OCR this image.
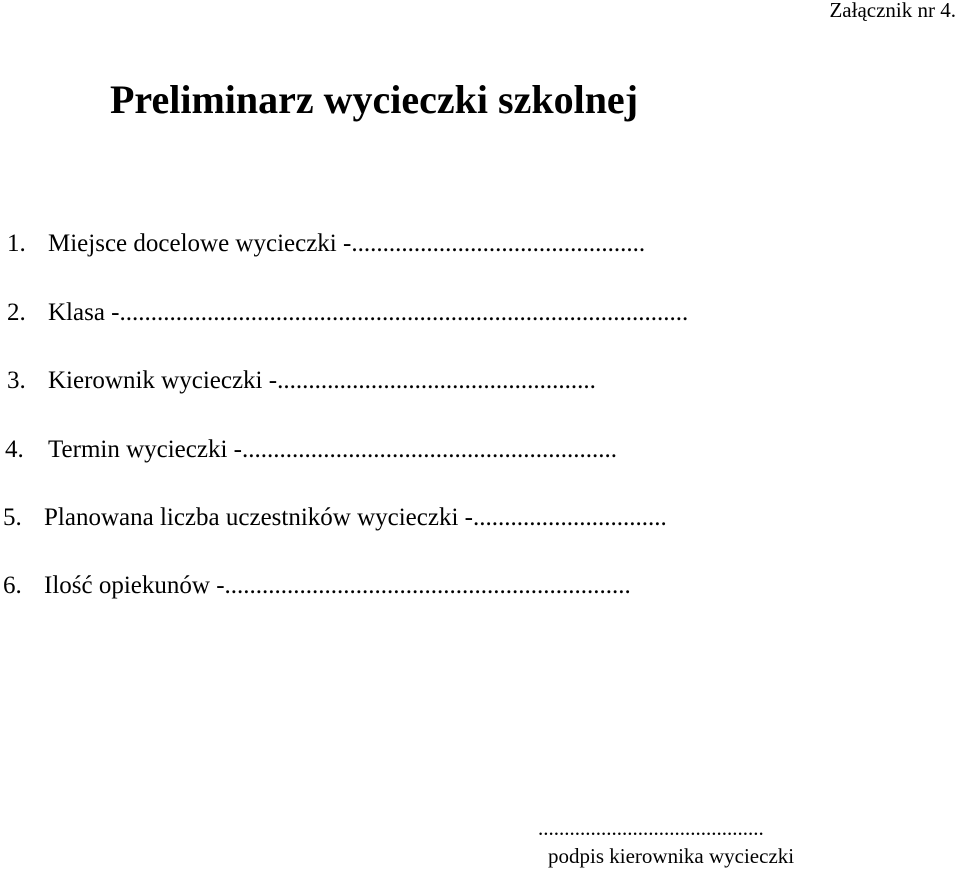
Załącznik nr 4.
Preliminarz wycieczki szkolnej
1. Miejsce docelowe wycieczki -...............................................
2. Klasa -...........................................................................................
3. Kierownik wycieczki -...................................................
4. Termin wycieczki -............................................................
5. Planowana liczba uczestników wycieczki -...............................
6. Ilość opiekunów -.................................................................
...........................................
podpis kierownika wycieczki
